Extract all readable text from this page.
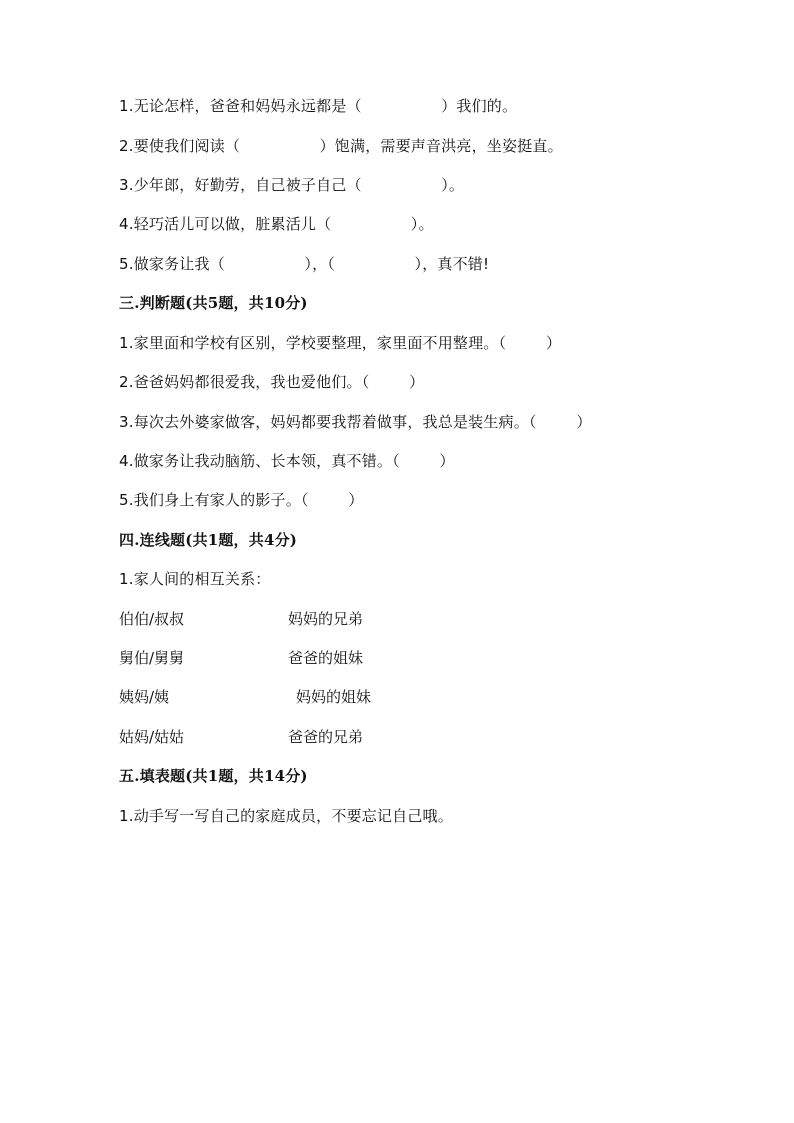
1.无论怎样，爸爸和妈妈永远都是（                ）我们的。
2.要使我们阅读（                ）饱满，需要声音洪亮，坐姿挺直。
3.少年郎，好勤劳，自己被子自己（                ）。
4.轻巧活儿可以做，脏累活儿（                ）。
5.做家务让我（                ），（                ），真不错!
三.判断题(共5题，共10分)
1.家里面和学校有区别，学校要整理，家里面不用整理。（        ）
2.爸爸妈妈都很爱我，我也爱他们。（        ）
3.每次去外婆家做客，妈妈都要我帮着做事，我总是装生病。（        ）
4.做家务让我动脑筋、长本领，真不错。（        ）
5.我们身上有家人的影子。（        ）
四.连线题(共1题，共4分)
1.家人间的相互关系：
伯伯/叔叔	妈妈的兄弟
舅伯/舅舅	爸爸的姐妹
姨妈/姨	妈妈的姐妹
姑妈/姑姑	爸爸的兄弟
五.填表题(共1题，共14分)
1.动手写一写自己的家庭成员，不要忘记自己哦。
